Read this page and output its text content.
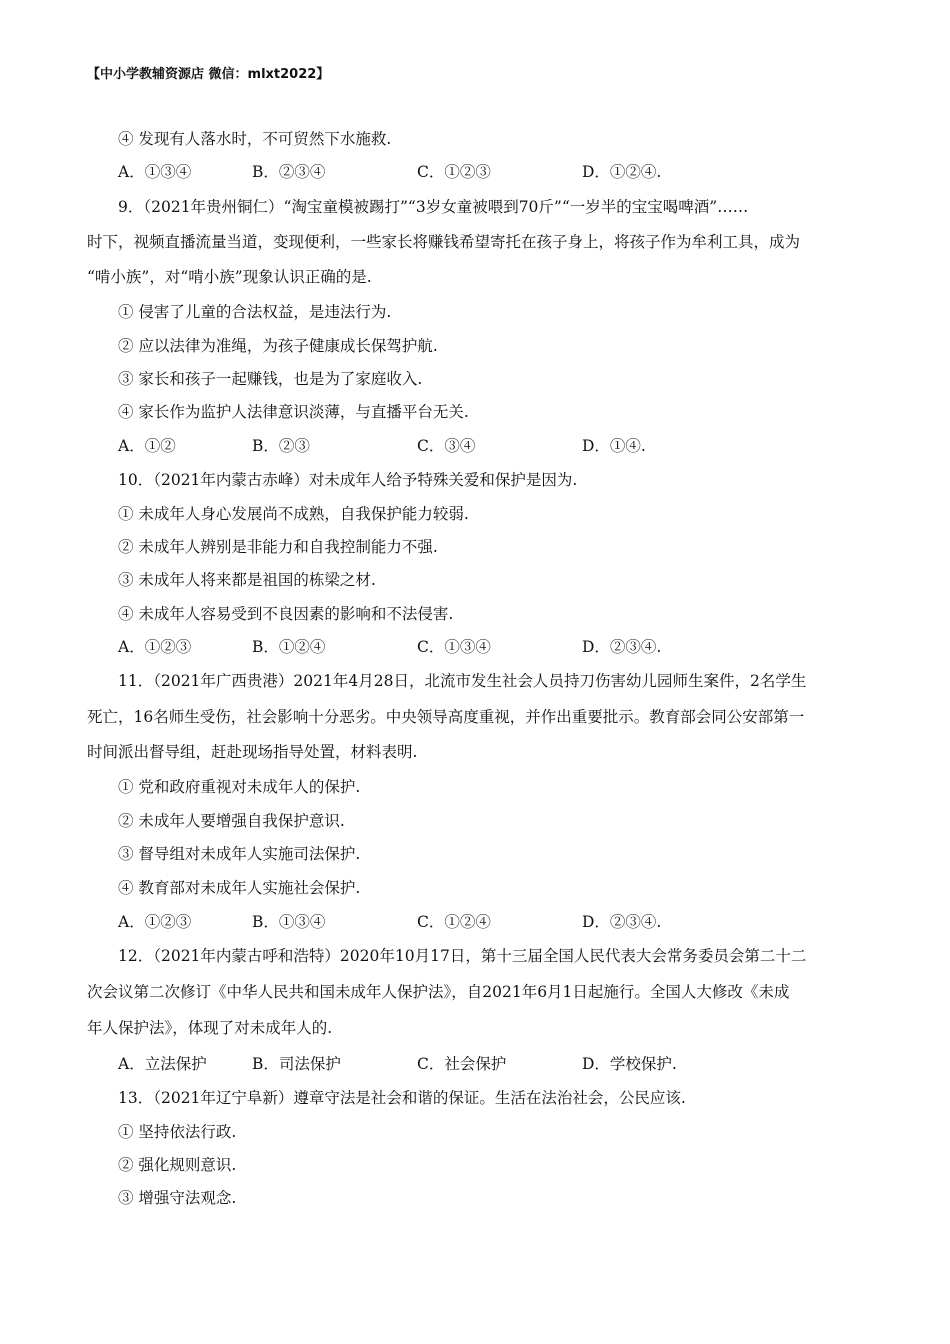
【中小学教辅资源店 微信：mlxt2022】
④ 发现有人落水时，不可贸然下水施救.
A．①③④	B．②③④	C．①②③	D．①②④.
9．（2021年贵州铜仁）“淘宝童模被踢打”“3岁女童被喂到70斤”“一岁半的宝宝喝啤酒”……
时下，视频直播流量当道，变现便利，一些家长将赚钱希望寄托在孩子身上，将孩子作为牟利工具，成为
“啃小族”，对“啃小族”现象认识正确的是.
① 侵害了儿童的合法权益，是违法行为.
② 应以法律为准绳，为孩子健康成长保驾护航.
③ 家长和孩子一起赚钱，也是为了家庭收入.
④ 家长作为监护人法律意识淡薄，与直播平台无关.
A．①②	B．②③	C．③④	D．①④.
10．（2021年内蒙古赤峰）对未成年人给予特殊关爱和保护是因为.
① 未成年人身心发展尚不成熟，自我保护能力较弱.
② 未成年人辨别是非能力和自我控制能力不强.
③ 未成年人将来都是祖国的栋梁之材.
④ 未成年人容易受到不良因素的影响和不法侵害.
A．①②③	B．①②④	C．①③④	D．②③④.
11．（2021年广西贵港）2021年4月28日，北流市发生社会人员持刀伤害幼儿园师生案件，2名学生
死亡，16名师生受伤，社会影响十分恶劣。中央领导高度重视，并作出重要批示。教育部会同公安部第一
时间派出督导组，赶赴现场指导处置，材料表明.
① 党和政府重视对未成年人的保护.
② 未成年人要增强自我保护意识.
③ 督导组对未成年人实施司法保护.
④ 教育部对未成年人实施社会保护.
A．①②③	B．①③④	C．①②④	D．②③④.
12．（2021年内蒙古呼和浩特）2020年10月17日，第十三届全国人民代表大会常务委员会第二十二
次会议第二次修订《中华人民共和国未成年人保护法》，自2021年6月1日起施行。全国人大修改《未成
年人保护法》，体现了对未成年人的.
A．立法保护	B．司法保护	C．社会保护	D．学校保护.
13．（2021年辽宁阜新）遵章守法是社会和谐的保证。生活在法治社会，公民应该.
① 坚持依法行政.
② 强化规则意识.
③ 增强守法观念.
